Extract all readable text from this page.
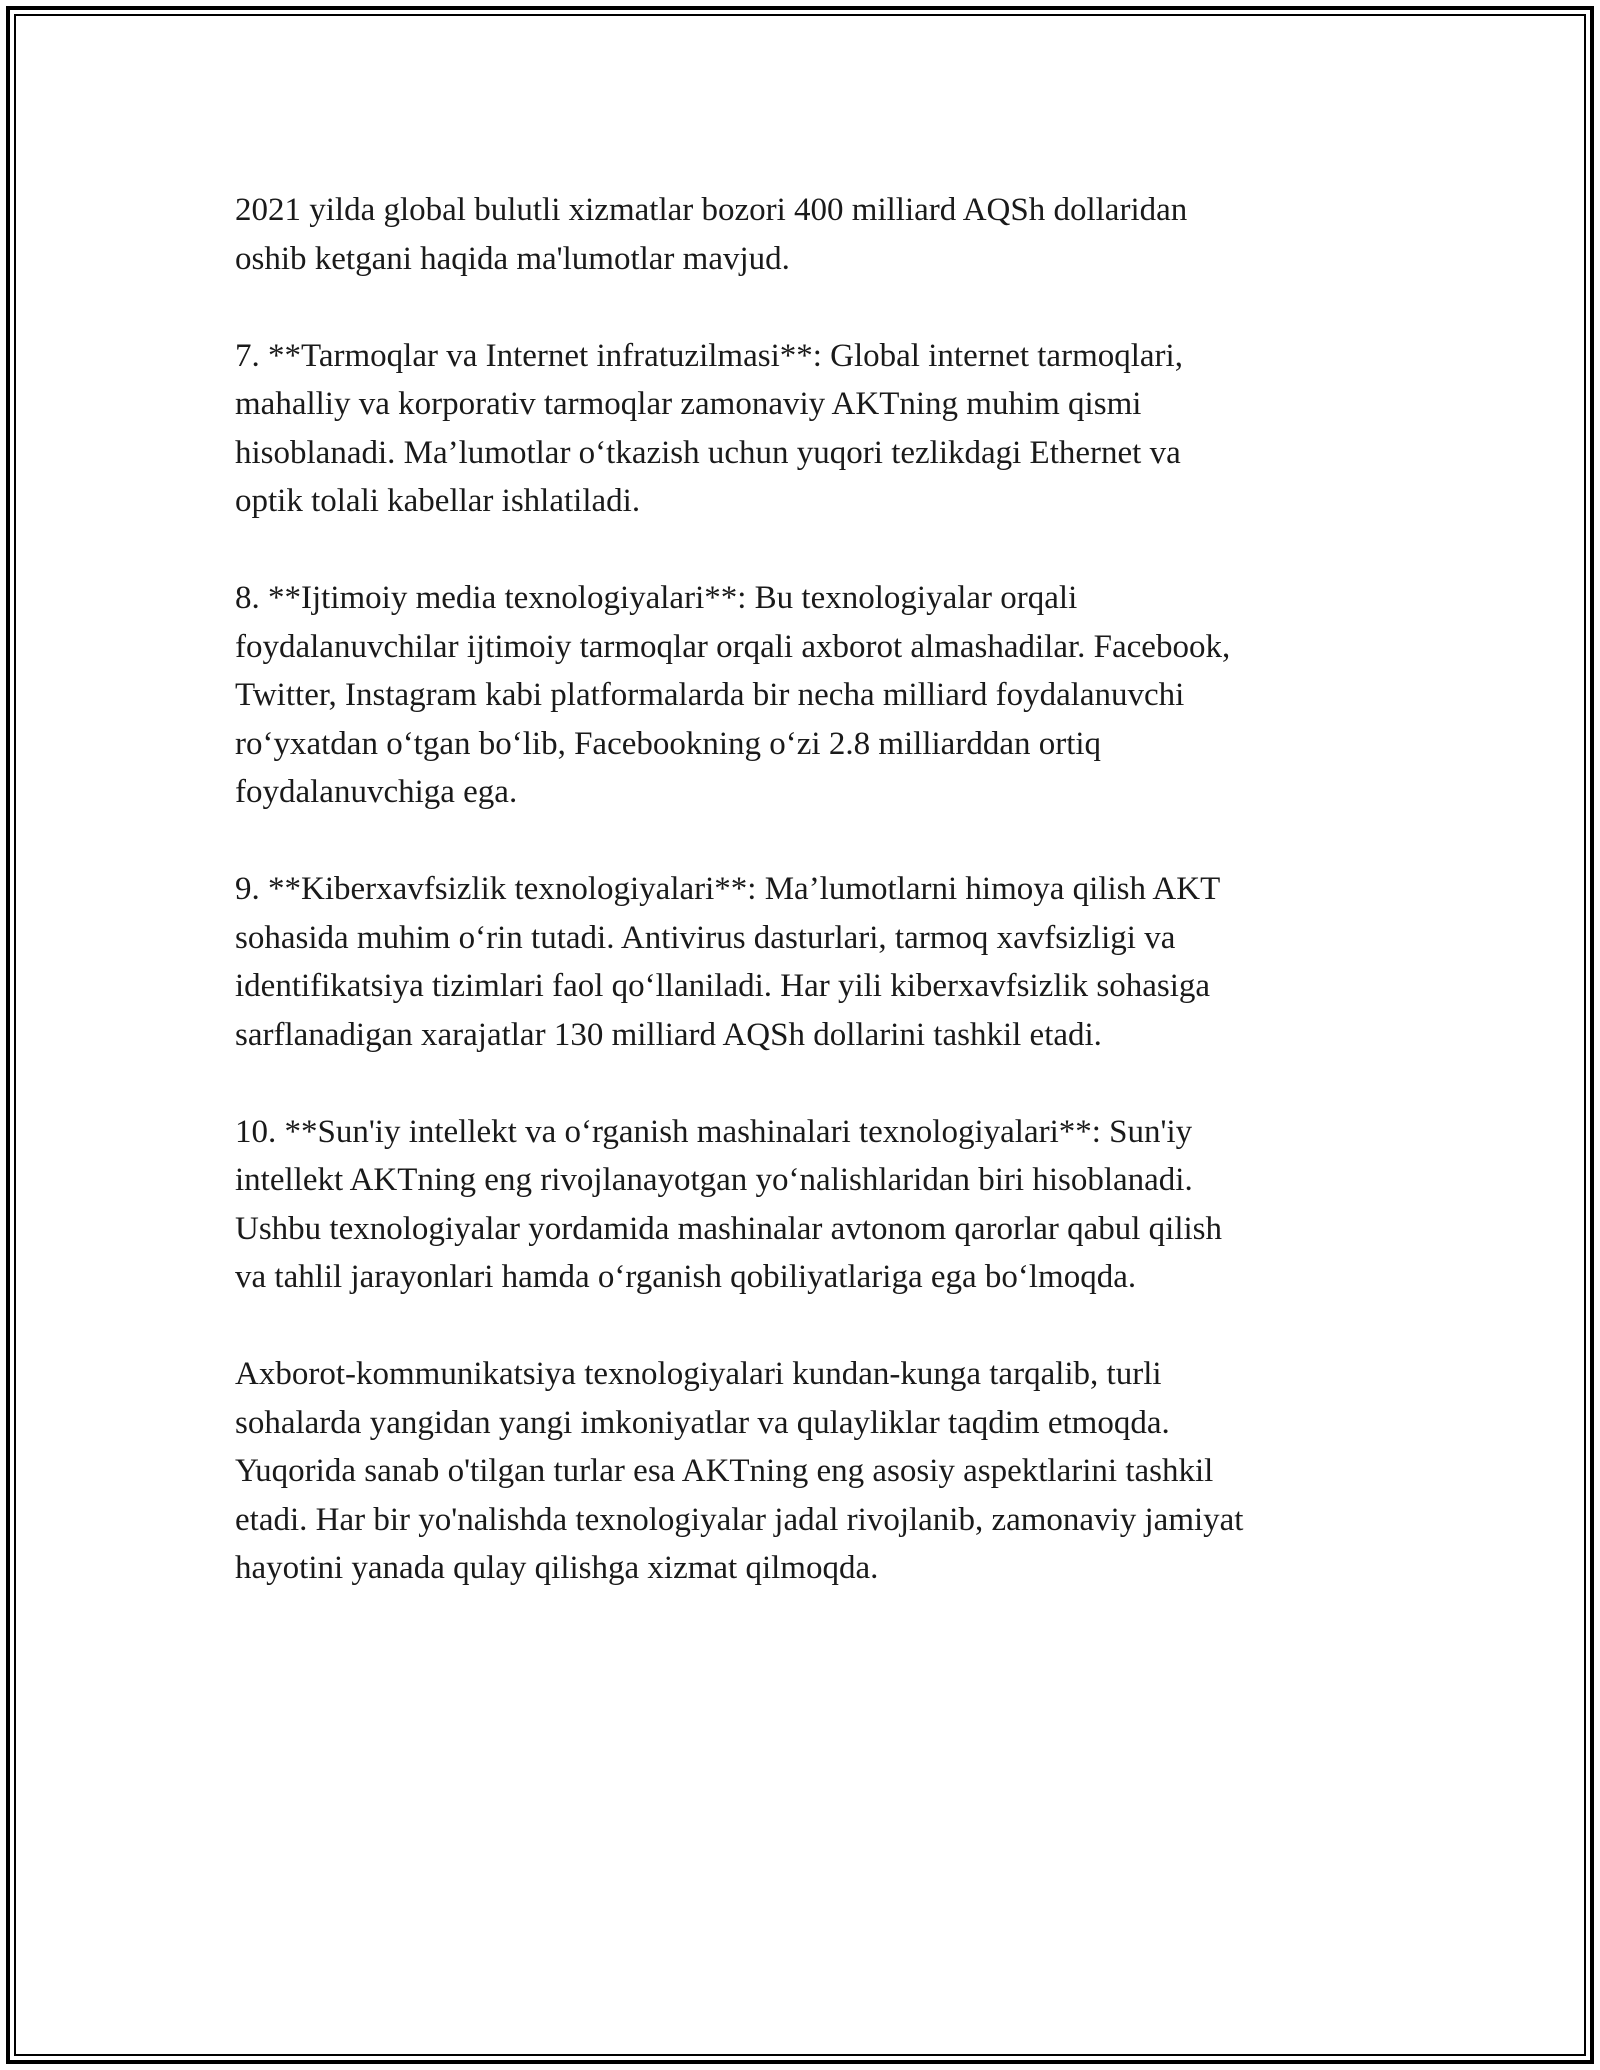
2021 yilda global bulutli xizmatlar bozori 400 milliard AQSh dollaridan
oshib ketgani haqida ma'lumotlar mavjud.

7. **Tarmoqlar va Internet infratuzilmasi**: Global internet tarmoqlari,
mahalliy va korporativ tarmoqlar zamonaviy AKTning muhim qismi
hisoblanadi. Ma’lumotlar o‘tkazish uchun yuqori tezlikdagi Ethernet va
optik tolali kabellar ishlatiladi.

8. **Ijtimoiy media texnologiyalari**: Bu texnologiyalar orqali
foydalanuvchilar ijtimoiy tarmoqlar orqali axborot almashadilar. Facebook,
Twitter, Instagram kabi platformalarda bir necha milliard foydalanuvchi
ro‘yxatdan o‘tgan bo‘lib, Facebookning o‘zi 2.8 milliarddan ortiq
foydalanuvchiga ega.

9. **Kiberxavfsizlik texnologiyalari**: Ma’lumotlarni himoya qilish AKT
sohasida muhim o‘rin tutadi. Antivirus dasturlari, tarmoq xavfsizligi va
identifikatsiya tizimlari faol qo‘llaniladi. Har yili kiberxavfsizlik sohasiga
sarflanadigan xarajatlar 130 milliard AQSh dollarini tashkil etadi.

10. **Sun'iy intellekt va o‘rganish mashinalari texnologiyalari**: Sun'iy
intellekt AKTning eng rivojlanayotgan yo‘nalishlaridan biri hisoblanadi.
Ushbu texnologiyalar yordamida mashinalar avtonom qarorlar qabul qilish
va tahlil jarayonlari hamda o‘rganish qobiliyatlariga ega bo‘lmoqda.

Axborot-kommunikatsiya texnologiyalari kundan-kunga tarqalib, turli
sohalarda yangidan yangi imkoniyatlar va qulayliklar taqdim etmoqda.
Yuqorida sanab o'tilgan turlar esa AKTning eng asosiy aspektlarini tashkil
etadi. Har bir yo'nalishda texnologiyalar jadal rivojlanib, zamonaviy jamiyat
hayotini yanada qulay qilishga xizmat qilmoqda.
